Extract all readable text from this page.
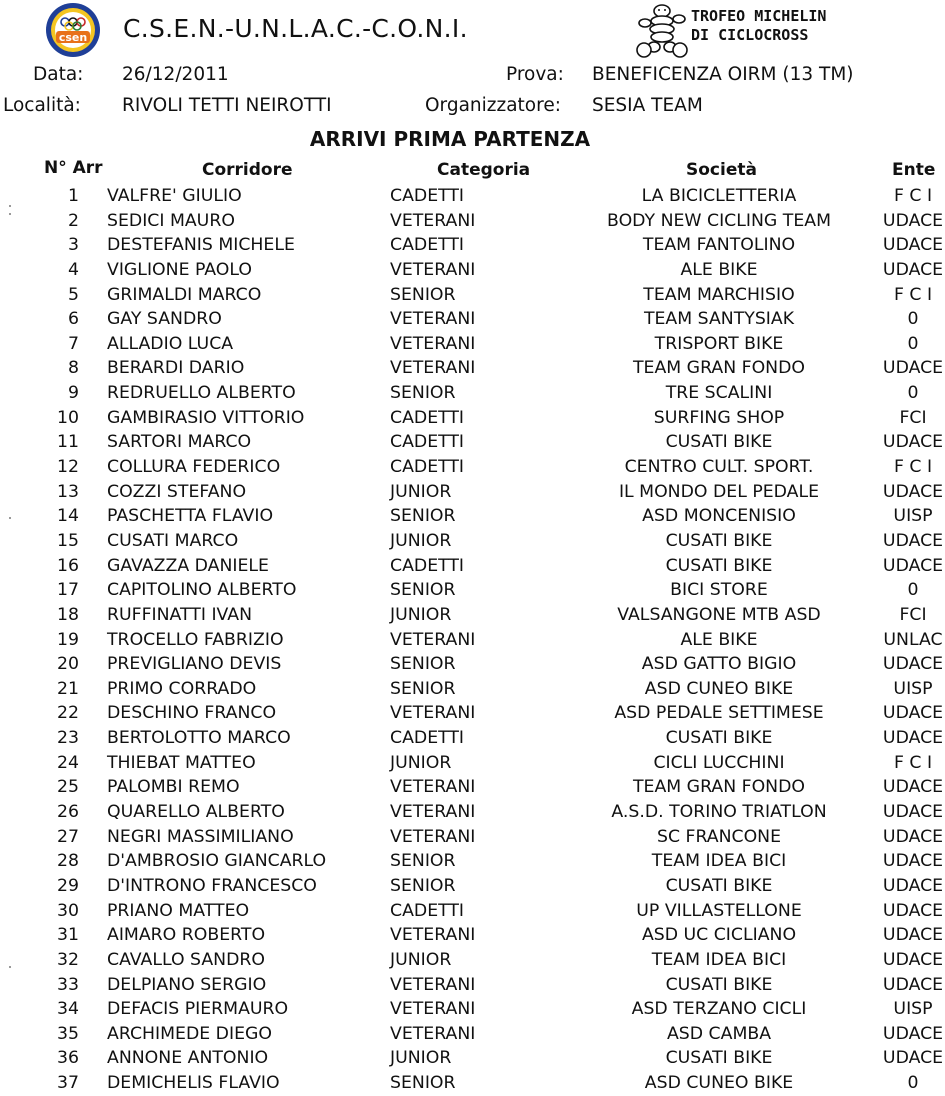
csen C.S.E.N.-U.N.L.A.C.-C.O.N.I.	TROFEO MICHELIN
DI CICLOCROSS
Data: 26/12/2011	Prova: BENEFICENZA OIRM (13 TM)
Località: RIVOLI TETTI NEIROTTI	Organizzatore: SESIA TEAM
ARRIVI PRIMA PARTENZA
N° Arr	Corridore	Categoria	Società	Ente
1 VALFRE' GIULIO	CADETTI	LA BICICLETTERIA	F C I
2 SEDICI MAURO	VETERANI	BODY NEW CICLING TEAM	UDACE
3 DESTEFANIS MICHELE	CADETTI	TEAM FANTOLINO	UDACE
4 VIGLIONE PAOLO	VETERANI	ALE BIKE	UDACE
5 GRIMALDI MARCO	SENIOR	TEAM MARCHISIO	F C I
6 GAY SANDRO	VETERANI	TEAM SANTYSIAK	0
7 ALLADIO LUCA	VETERANI	TRISPORT BIKE	0
8 BERARDI DARIO	VETERANI	TEAM GRAN FONDO	UDACE
9 REDRUELLO ALBERTO	SENIOR	TRE SCALINI	0
10 GAMBIRASIO VITTORIO	CADETTI	SURFING SHOP	FCI
11 SARTORI MARCO	CADETTI	CUSATI BIKE	UDACE
12 COLLURA FEDERICO	CADETTI	CENTRO CULT. SPORT.	F C I
13 COZZI STEFANO	JUNIOR	IL MONDO DEL PEDALE	UDACE
14 PASCHETTA FLAVIO	SENIOR	ASD MONCENISIO	UISP
15 CUSATI MARCO	JUNIOR	CUSATI BIKE	UDACE
16 GAVAZZA DANIELE	CADETTI	CUSATI BIKE	UDACE
17 CAPITOLINO ALBERTO	SENIOR	BICI STORE	0
18 RUFFINATTI IVAN	JUNIOR	VALSANGONE MTB ASD	FCI
19 TROCELLO FABRIZIO	VETERANI	ALE BIKE	UNLAC
20 PREVIGLIANO DEVIS	SENIOR	ASD GATTO BIGIO	UDACE
21 PRIMO CORRADO	SENIOR	ASD CUNEO BIKE	UISP
22 DESCHINO FRANCO	VETERANI	ASD PEDALE SETTIMESE	UDACE
23 BERTOLOTTO MARCO	CADETTI	CUSATI BIKE	UDACE
24 THIEBAT MATTEO	JUNIOR	CICLI LUCCHINI	F C I
25 PALOMBI REMO	VETERANI	TEAM GRAN FONDO	UDACE
26 QUARELLO ALBERTO	VETERANI	A.S.D. TORINO TRIATLON	UDACE
27 NEGRI MASSIMILIANO	VETERANI	SC FRANCONE	UDACE
28 D'AMBROSIO GIANCARLO	SENIOR	TEAM IDEA BICI	UDACE
29 D'INTRONO FRANCESCO	SENIOR	CUSATI BIKE	UDACE
30 PRIANO MATTEO	CADETTI	UP VILLASTELLONE	UDACE
31 AIMARO ROBERTO	VETERANI	ASD UC CICLIANO	UDACE
32 CAVALLO SANDRO	JUNIOR	TEAM IDEA BICI	UDACE
33 DELPIANO SERGIO	VETERANI	CUSATI BIKE	UDACE
34 DEFACIS PIERMAURO	VETERANI	ASD TERZANO CICLI	UISP
35 ARCHIMEDE DIEGO	VETERANI	ASD CAMBA	UDACE
36 ANNONE ANTONIO	JUNIOR	CUSATI BIKE	UDACE
37 DEMICHELIS FLAVIO	SENIOR	ASD CUNEO BIKE	0
